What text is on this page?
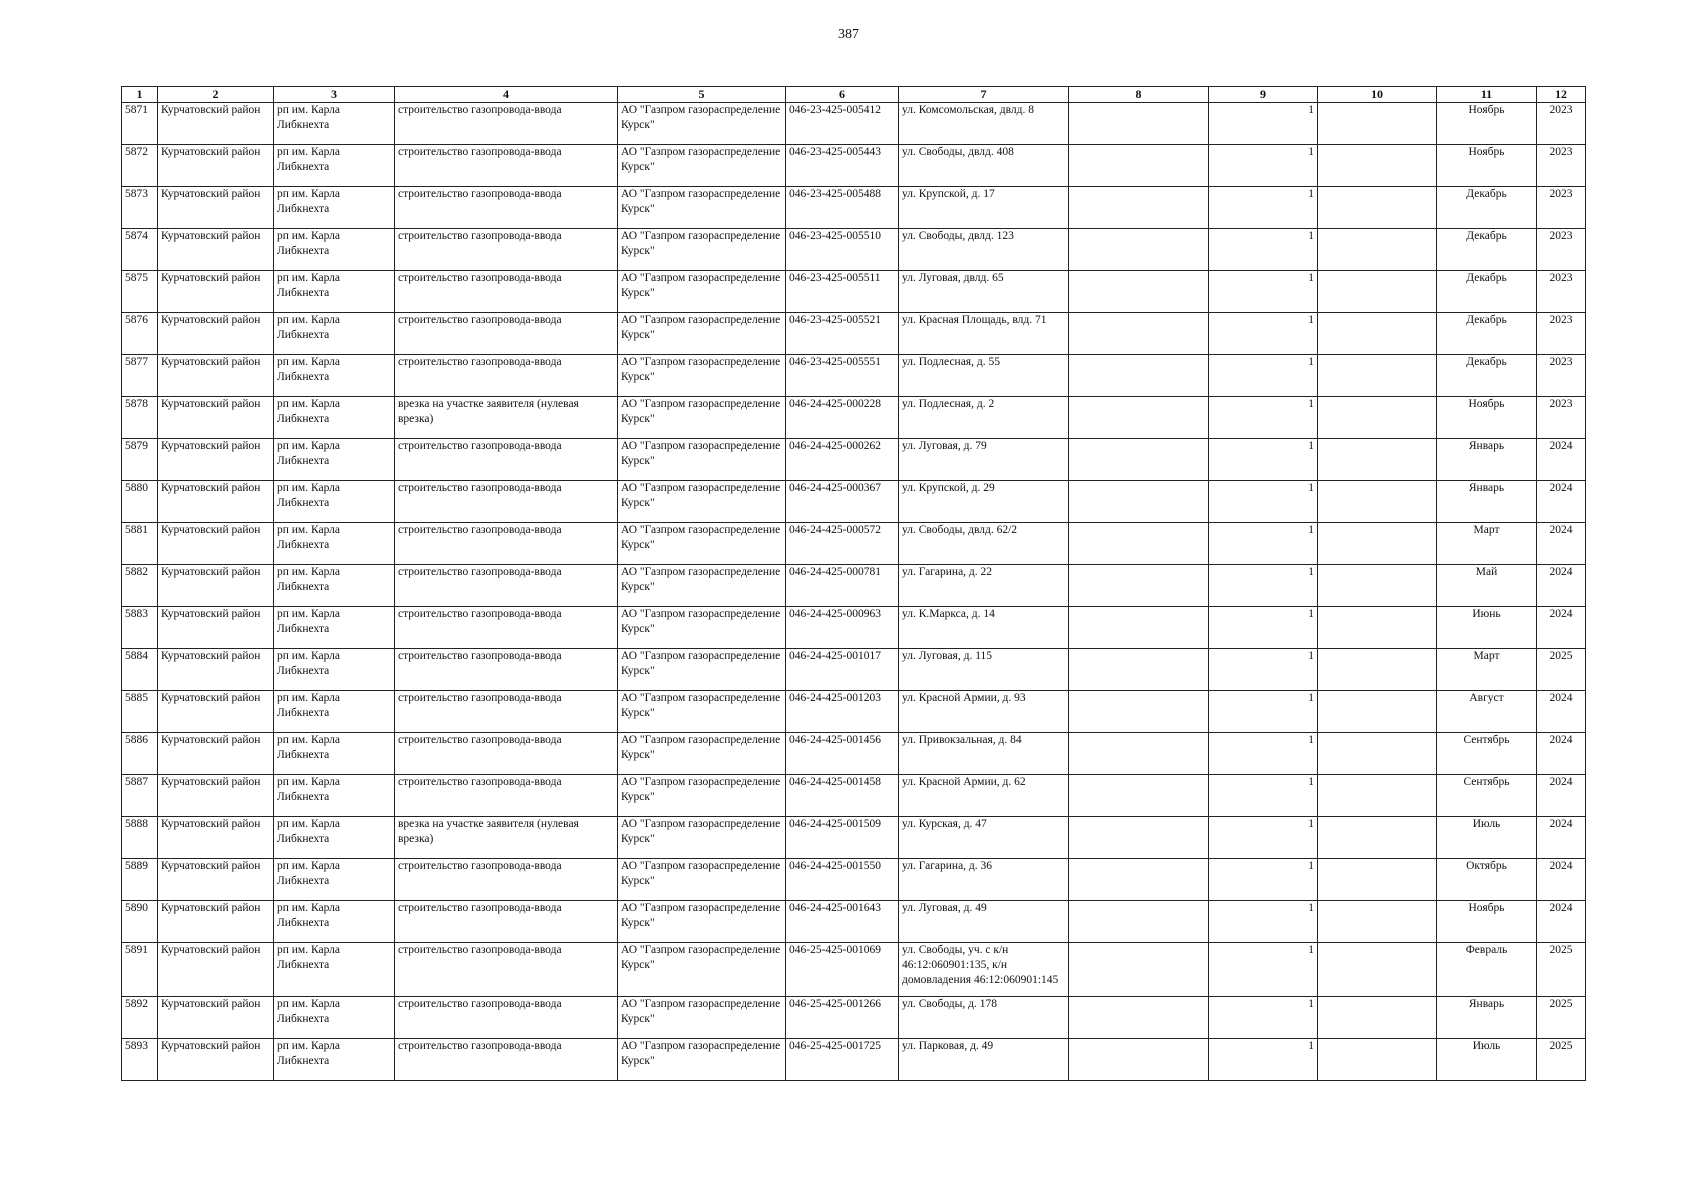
387
1	2	3	4	5	6	7	8	9	10	11	12
5871	Курчатовский район	рп им. Карла Либкнехта	строительство газопровода-ввода	АО "Газпром газораспределение Курск"	046-23-425-005412	ул. Комсомольская, двлд. 8		1		Ноябрь	2023
5872	Курчатовский район	рп им. Карла Либкнехта	строительство газопровода-ввода	АО "Газпром газораспределение Курск"	046-23-425-005443	ул. Свободы, двлд. 408		1		Ноябрь	2023
5873	Курчатовский район	рп им. Карла Либкнехта	строительство газопровода-ввода	АО "Газпром газораспределение Курск"	046-23-425-005488	ул. Крупской, д. 17		1		Декабрь	2023
5874	Курчатовский район	рп им. Карла Либкнехта	строительство газопровода-ввода	АО "Газпром газораспределение Курск"	046-23-425-005510	ул. Свободы, двлд. 123		1		Декабрь	2023
5875	Курчатовский район	рп им. Карла Либкнехта	строительство газопровода-ввода	АО "Газпром газораспределение Курск"	046-23-425-005511	ул. Луговая, двлд. 65		1		Декабрь	2023
5876	Курчатовский район	рп им. Карла Либкнехта	строительство газопровода-ввода	АО "Газпром газораспределение Курск"	046-23-425-005521	ул. Красная Площадь, влд. 71		1		Декабрь	2023
5877	Курчатовский район	рп им. Карла Либкнехта	строительство газопровода-ввода	АО "Газпром газораспределение Курск"	046-23-425-005551	ул. Подлесная, д. 55		1		Декабрь	2023
5878	Курчатовский район	рп им. Карла Либкнехта	врезка на участке заявителя (нулевая врезка)	АО "Газпром газораспределение Курск"	046-24-425-000228	ул. Подлесная, д. 2		1		Ноябрь	2023
5879	Курчатовский район	рп им. Карла Либкнехта	строительство газопровода-ввода	АО "Газпром газораспределение Курск"	046-24-425-000262	ул. Луговая, д. 79		1		Январь	2024
5880	Курчатовский район	рп им. Карла Либкнехта	строительство газопровода-ввода	АО "Газпром газораспределение Курск"	046-24-425-000367	ул. Крупской, д. 29		1		Январь	2024
5881	Курчатовский район	рп им. Карла Либкнехта	строительство газопровода-ввода	АО "Газпром газораспределение Курск"	046-24-425-000572	ул. Свободы, двлд. 62/2		1		Март	2024
5882	Курчатовский район	рп им. Карла Либкнехта	строительство газопровода-ввода	АО "Газпром газораспределение Курск"	046-24-425-000781	ул. Гагарина, д. 22		1		Май	2024
5883	Курчатовский район	рп им. Карла Либкнехта	строительство газопровода-ввода	АО "Газпром газораспределение Курск"	046-24-425-000963	ул. К.Маркса, д. 14		1		Июнь	2024
5884	Курчатовский район	рп им. Карла Либкнехта	строительство газопровода-ввода	АО "Газпром газораспределение Курск"	046-24-425-001017	ул. Луговая, д. 115		1		Март	2025
5885	Курчатовский район	рп им. Карла Либкнехта	строительство газопровода-ввода	АО "Газпром газораспределение Курск"	046-24-425-001203	ул. Красной Армии, д. 93		1		Август	2024
5886	Курчатовский район	рп им. Карла Либкнехта	строительство газопровода-ввода	АО "Газпром газораспределение Курск"	046-24-425-001456	ул. Привокзальная, д. 84		1		Сентябрь	2024
5887	Курчатовский район	рп им. Карла Либкнехта	строительство газопровода-ввода	АО "Газпром газораспределение Курск"	046-24-425-001458	ул. Красной Армии, д. 62		1		Сентябрь	2024
5888	Курчатовский район	рп им. Карла Либкнехта	врезка на участке заявителя (нулевая врезка)	АО "Газпром газораспределение Курск"	046-24-425-001509	ул. Курская, д. 47		1		Июль	2024
5889	Курчатовский район	рп им. Карла Либкнехта	строительство газопровода-ввода	АО "Газпром газораспределение Курск"	046-24-425-001550	ул. Гагарина, д. 36		1		Октябрь	2024
5890	Курчатовский район	рп им. Карла Либкнехта	строительство газопровода-ввода	АО "Газпром газораспределение Курск"	046-24-425-001643	ул. Луговая, д. 49		1		Ноябрь	2024
5891	Курчатовский район	рп им. Карла Либкнехта	строительство газопровода-ввода	АО "Газпром газораспределение Курск"	046-25-425-001069	ул. Свободы, уч. с к/н 46:12:060901:135, к/н домовладения 46:12:060901:145		1		Февраль	2025
5892	Курчатовский район	рп им. Карла Либкнехта	строительство газопровода-ввода	АО "Газпром газораспределение Курск"	046-25-425-001266	ул. Свободы, д. 178		1		Январь	2025
5893	Курчатовский район	рп им. Карла Либкнехта	строительство газопровода-ввода	АО "Газпром газораспределение Курск"	046-25-425-001725	ул. Парковая, д. 49		1		Июль	2025
